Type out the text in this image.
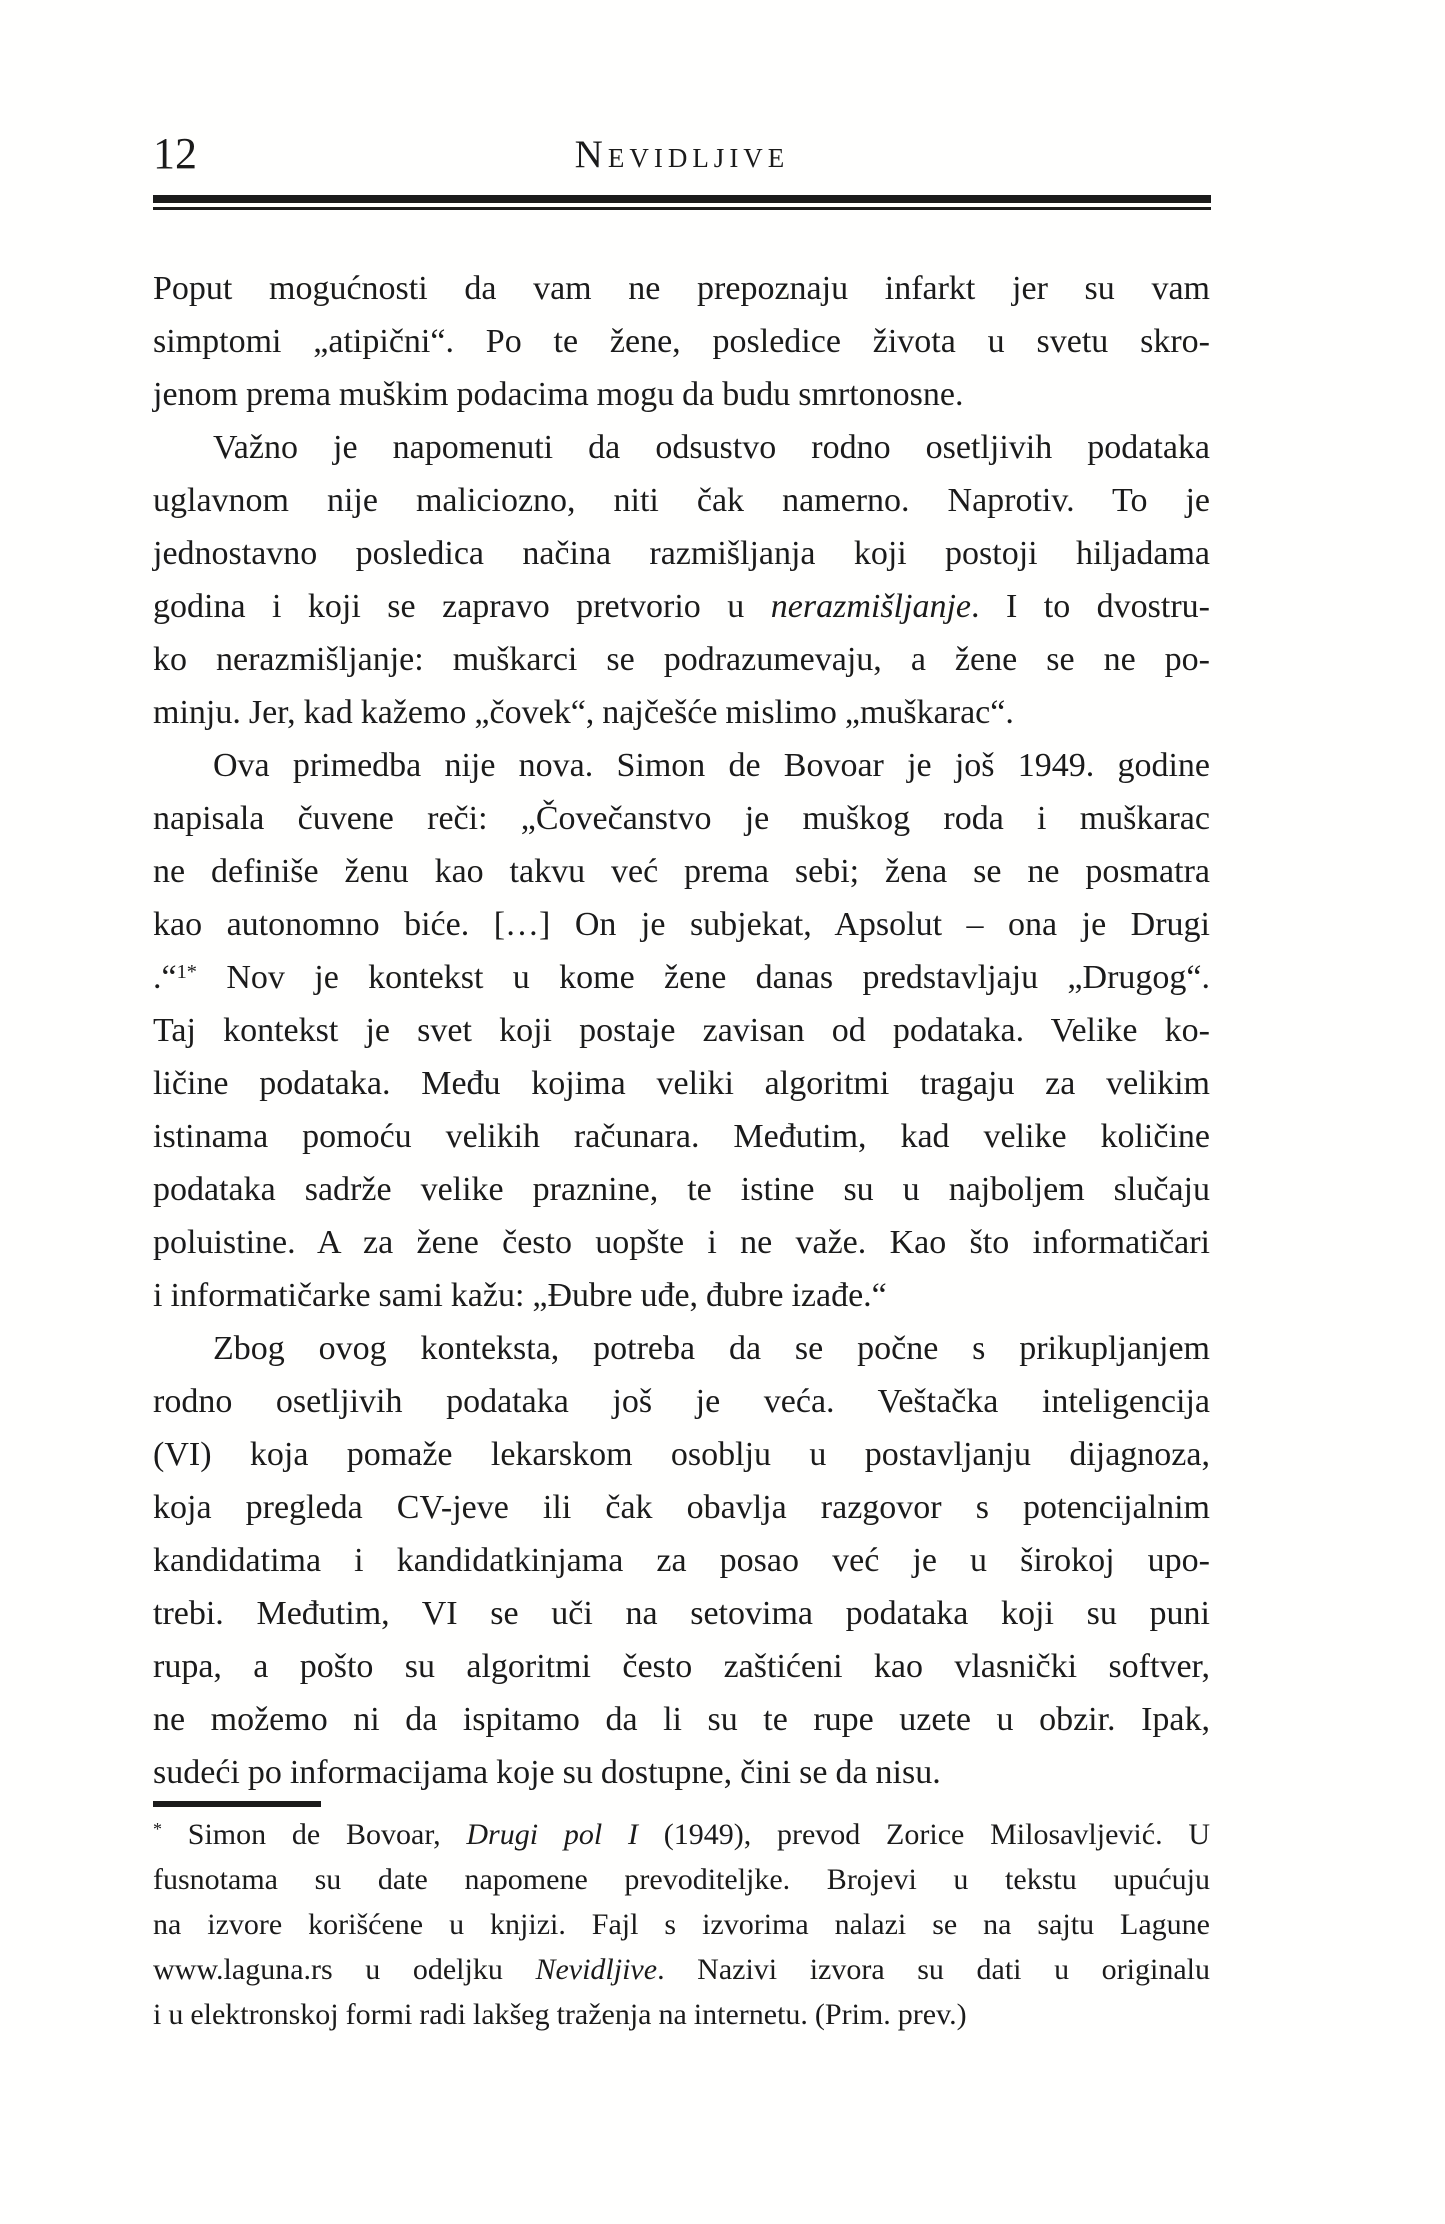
12	Nevidljive
Poput mogućnosti da vam ne prepoznaju infarkt jer su vam
simptomi „atipični“. Po te žene, posledice života u svetu skro-
jenom prema muškim podacima mogu da budu smrtonosne.
Važno je napomenuti da odsustvo rodno osetljivih podataka
uglavnom nije maliciozno, niti čak namerno. Naprotiv. To je
jednostavno posledica načina razmišljanja koji postoji hiljadama
godina i koji se zapravo pretvorio u nerazmišljanje. I to dvostru-
ko nerazmišljanje: muškarci se podrazumevaju, a žene se ne po-
minju. Jer, kad kažemo „čovek“, najčešće mislimo „muškarac“.
Ova primedba nije nova. Simon de Bovoar je još 1949. godine
napisala čuvene reči: „Čovečanstvo je muškog roda i muškarac
ne definiše ženu kao takvu već prema sebi; žena se ne posmatra
kao autonomno biće. […] On je subjekat, Apsolut – ona je Drugi
.“$^{1*}$ Nov je kontekst u kome žene danas predstavljaju „Drugog“.
Taj kontekst je svet koji postaje zavisan od podataka. Velike ko-
ličine podataka. Među kojima veliki algoritmi tragaju za velikim
istinama pomoću velikih računara. Međutim, kad velike količine
podataka sadrže velike praznine, te istine su u najboljem slučaju
poluistine. A za žene često uopšte i ne važe. Kao što informatičari
i informatičarke sami kažu: „Đubre uđe, đubre izađe.“
Zbog ovog konteksta, potreba da se počne s prikupljanjem
rodno osetljivih podataka još je veća. Veštačka inteligencija
(VI) koja pomaže lekarskom osoblju u postavljanju dijagnoza,
koja pregleda CV-jeve ili čak obavlja razgovor s potencijalnim
kandidatima i kandidatkinjama za posao već je u širokoj upo-
trebi. Međutim, VI se uči na setovima podataka koji su puni
rupa, a pošto su algoritmi često zaštićeni kao vlasnički softver,
ne možemo ni da ispitamo da li su te rupe uzete u obzir. Ipak,
sudeći po informacijama koje su dostupne, čini se da nisu.
* Simon de Bovoar, Drugi pol I (1949), prevod Zorice Milosavljević. U
fusnotama su date napomene prevoditeljke. Brojevi u tekstu upućuju
na izvore korišćene u knjizi. Fajl s izvorima nalazi se na sajtu Lagune
www.laguna.rs u odeljku Nevidljive. Nazivi izvora su dati u originalu
i u elektronskoj formi radi lakšeg traženja na internetu. (Prim. prev.)
